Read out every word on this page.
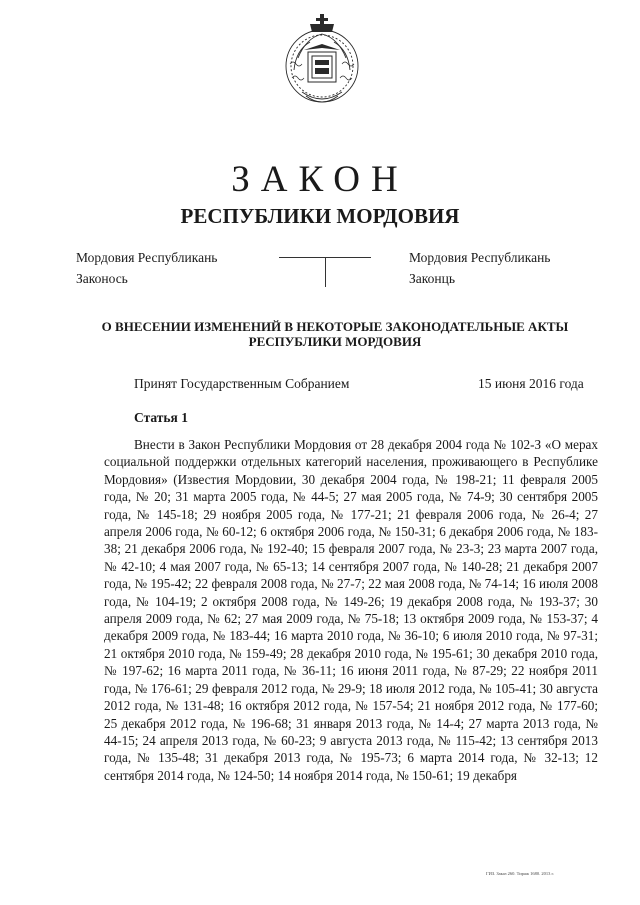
ЗАКОН
РЕСПУБЛИКИ МОРДОВИЯ
Мордовия Республикань
Законось
Мордовия Республикань
Законць
О ВНЕСЕНИИ ИЗМЕНЕНИЙ В НЕКОТОРЫЕ ЗАКОНОДАТЕЛЬНЫЕ АКТЫ
РЕСПУБЛИКИ МОРДОВИЯ
Принят Государственным Собранием	15 июня 2016 года
Статья 1

Внести в Закон Республики Мордовия от 28 декабря 2004 года № 102-З «О мерах социальной поддержки отдельных категорий населения, проживающего в Республике Мордовия» (Известия Мордовии, 30 декабря 2004 года, № 198-21; 11 февраля 2005 года, № 20; 31 марта 2005 года, № 44-5; 27 мая 2005 года, № 74-9; 30 сентября 2005 года, № 145-18; 29 ноября 2005 года, № 177-21; 21 февраля 2006 года, № 26-4; 27 апреля 2006 года, № 60-12; 6 октября 2006 года, № 150-31; 6 декабря 2006 года, № 183-38; 21 декабря 2006 года, № 192-40; 15 февраля 2007 года, № 23-3; 23 марта 2007 года, № 42-10; 4 мая 2007 года, № 65-13; 14 сентября 2007 года, № 140-28; 21 декабря 2007 года, № 195-42; 22 февраля 2008 года, № 27-7; 22 мая 2008 года, № 74-14; 16 июля 2008 года, № 104-19; 2 октября 2008 года, № 149-26; 19 декабря 2008 года, № 193-37; 30 апреля 2009 года, № 62; 27 мая 2009 года, № 75-18; 13 октября 2009 года, № 153-37; 4 декабря 2009 года, № 183-44; 16 марта 2010 года, № 36-10; 6 июля 2010 года, № 97-31; 21 октября 2010 года, № 159-49; 28 декабря 2010 года, № 195-61; 30 декабря 2010 года, № 197-62; 16 марта 2011 года, № 36-11; 16 июня 2011 года, № 87-29; 22 ноября 2011 года, № 176-61; 29 февраля 2012 года, № 29-9; 18 июля 2012 года, № 105-41; 30 августа 2012 года, № 131-48; 16 октября 2012 года, № 157-54; 21 ноября 2012 года, № 177-60; 25 декабря 2012 года, № 196-68; 31 января 2013 года, № 14-4; 27 марта 2013 года, № 44-15; 24 апреля 2013 года, № 60-23; 9 августа 2013 года, № 115-42; 13 сентября 2013 года, № 135-48; 31 декабря 2013 года, № 195-73; 6 марта 2014 года, № 32-13; 12 сентября 2014 года, № 124-50; 14 ноября 2014 года, № 150-61; 19 декабря

ГИЗ. Заказ 260. Тираж 1680. 2013 г.
